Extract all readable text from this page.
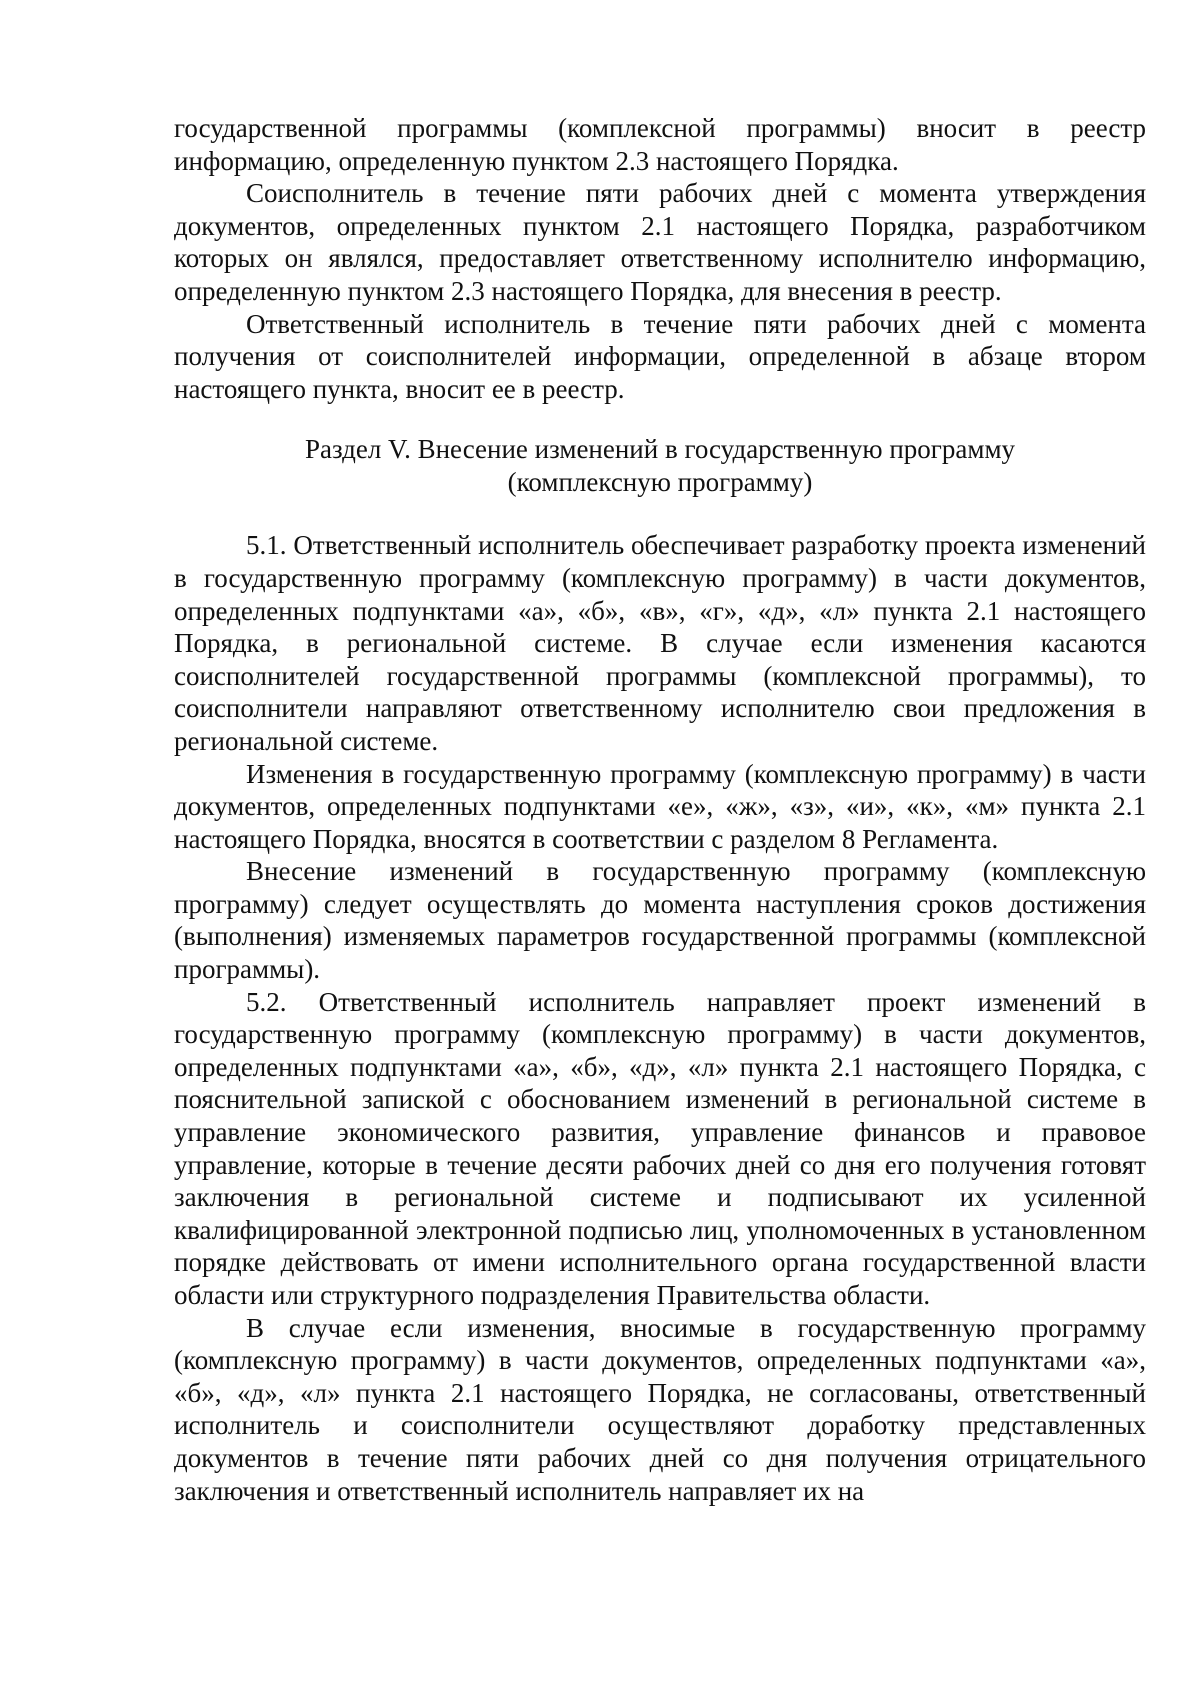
государственной программы (комплексной программы) вносит в реестр информацию, определенную пунктом 2.3 настоящего Порядка.

Соисполнитель в течение пяти рабочих дней с момента утверждения документов, определенных пунктом 2.1 настоящего Порядка, разработчиком которых он являлся, предоставляет ответственному исполнителю информацию, определенную пунктом 2.3 настоящего Порядка, для внесения в реестр.

Ответственный исполнитель в течение пяти рабочих дней с момента получения от соисполнителей информации, определенной в абзаце втором настоящего пункта, вносит ее в реестр.

Раздел V. Внесение изменений в государственную программу
(комплексную программу)

5.1. Ответственный исполнитель обеспечивает разработку проекта изменений в государственную программу (комплексную программу) в части документов, определенных подпунктами «а», «б», «в», «г», «д», «л» пункта 2.1 настоящего Порядка, в региональной системе. В случае если изменения касаются соисполнителей государственной программы (комплексной программы), то соисполнители направляют ответственному исполнителю свои предложения в региональной системе.

Изменения в государственную программу (комплексную программу) в части документов, определенных подпунктами «е», «ж», «з», «и», «к», «м» пункта 2.1 настоящего Порядка, вносятся в соответствии с разделом 8 Регламента.

Внесение изменений в государственную программу (комплексную программу) следует осуществлять до момента наступления сроков достижения (выполнения) изменяемых параметров государственной программы (комплексной программы).

5.2. Ответственный исполнитель направляет проект изменений в государственную программу (комплексную программу) в части документов, определенных подпунктами «а», «б», «д», «л» пункта 2.1 настоящего Порядка, с пояснительной запиской с обоснованием изменений в региональной системе в управление экономического развития, управление финансов и правовое управление, которые в течение десяти рабочих дней со дня его получения готовят заключения в региональной системе и подписывают их усиленной квалифицированной электронной подписью лиц, уполномоченных в установленном порядке действовать от имени исполнительного органа государственной власти области или структурного подразделения Правительства области.

В случае если изменения, вносимые в государственную программу (комплексную программу) в части документов, определенных подпунктами «а», «б», «д», «л» пункта 2.1 настоящего Порядка, не согласованы, ответственный исполнитель и соисполнители осуществляют доработку представленных документов в течение пяти рабочих дней со дня получения отрицательного заключения и ответственный исполнитель направляет их на
